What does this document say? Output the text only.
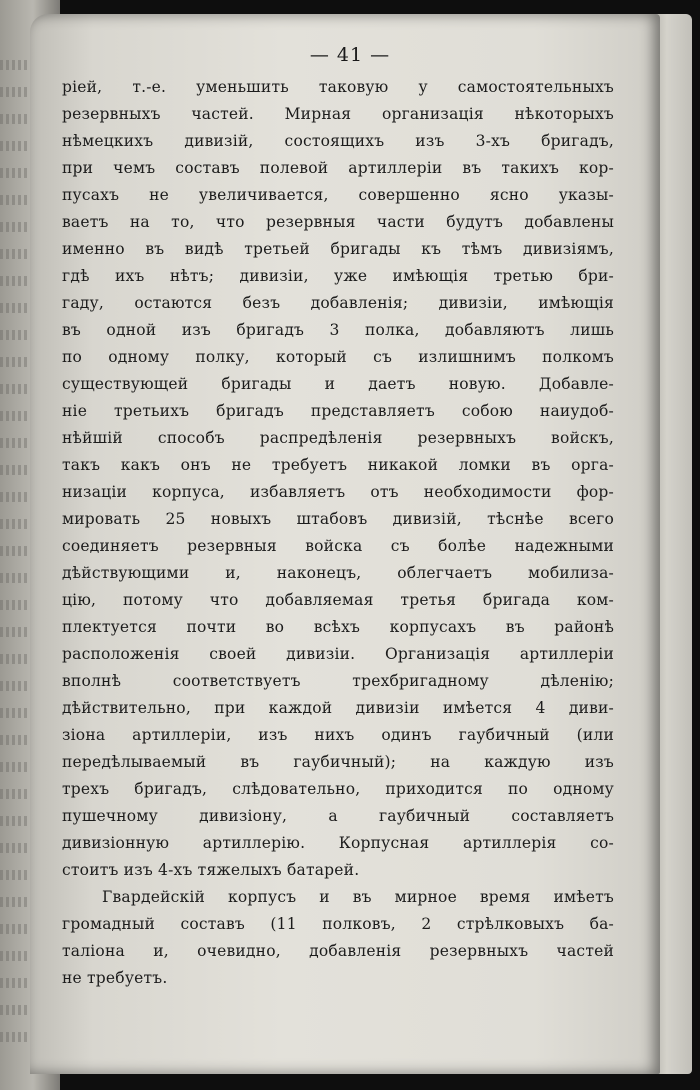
— 41 —
ріей, т.-е. уменьшить таковую у самостоятельныхъ
резервныхъ частей. Мирная организація нѣкоторыхъ
нѣмецкихъ дивизій, состоящихъ изъ 3-хъ бригадъ,
при чемъ составъ полевой артиллеріи въ такихъ кор-
пусахъ не увеличивается, совершенно ясно указы-
ваетъ на то, что резервныя части будутъ добавлены
именно въ видѣ третьей бригады къ тѣмъ дивизіямъ,
гдѣ ихъ нѣтъ; дивизіи, уже имѣющія третью бри-
гаду, остаются безъ добавленія; дивизіи, имѣющія
въ одной изъ бригадъ 3 полка, добавляютъ лишь
по одному полку, который съ излишнимъ полкомъ
существующей бригады и даетъ новую. Добавле-
ніе третьихъ бригадъ представляетъ собою наиудоб-
нѣйшій способъ распредѣленія резервныхъ войскъ,
такъ какъ онъ не требуетъ никакой ломки въ орга-
низаціи корпуса, избавляетъ отъ необходимости фор-
мировать 25 новыхъ штабовъ дивизій, тѣснѣе всего
соединяетъ резервныя войска съ болѣе надежными
дѣйствующими и, наконецъ, облегчаетъ мобилиза-
цію, потому что добавляемая третья бригада ком-
плектуется почти во всѣхъ корпусахъ въ районѣ
расположенія своей дивизіи. Организація артиллеріи
вполнѣ соответствуетъ трехбригадному дѣленію;
дѣйствительно, при каждой дивизіи имѣется 4 диви-
зіона артиллеріи, изъ нихъ одинъ гаубичный (или
передѣлываемый въ гаубичный); на каждую изъ
трехъ бригадъ, слѣдовательно, приходится по одному
пушечному дивизіону, а гаубичный составляетъ
дивизіонную артиллерію. Корпусная артиллерія со-
стоитъ изъ 4-хъ тяжелыхъ батарей.
Гвардейскій корпусъ и въ мирное время имѣетъ
громадный составъ (11 полковъ, 2 стрѣлковыхъ ба-
таліона и, очевидно, добавленія резервныхъ частей
не требуетъ.
